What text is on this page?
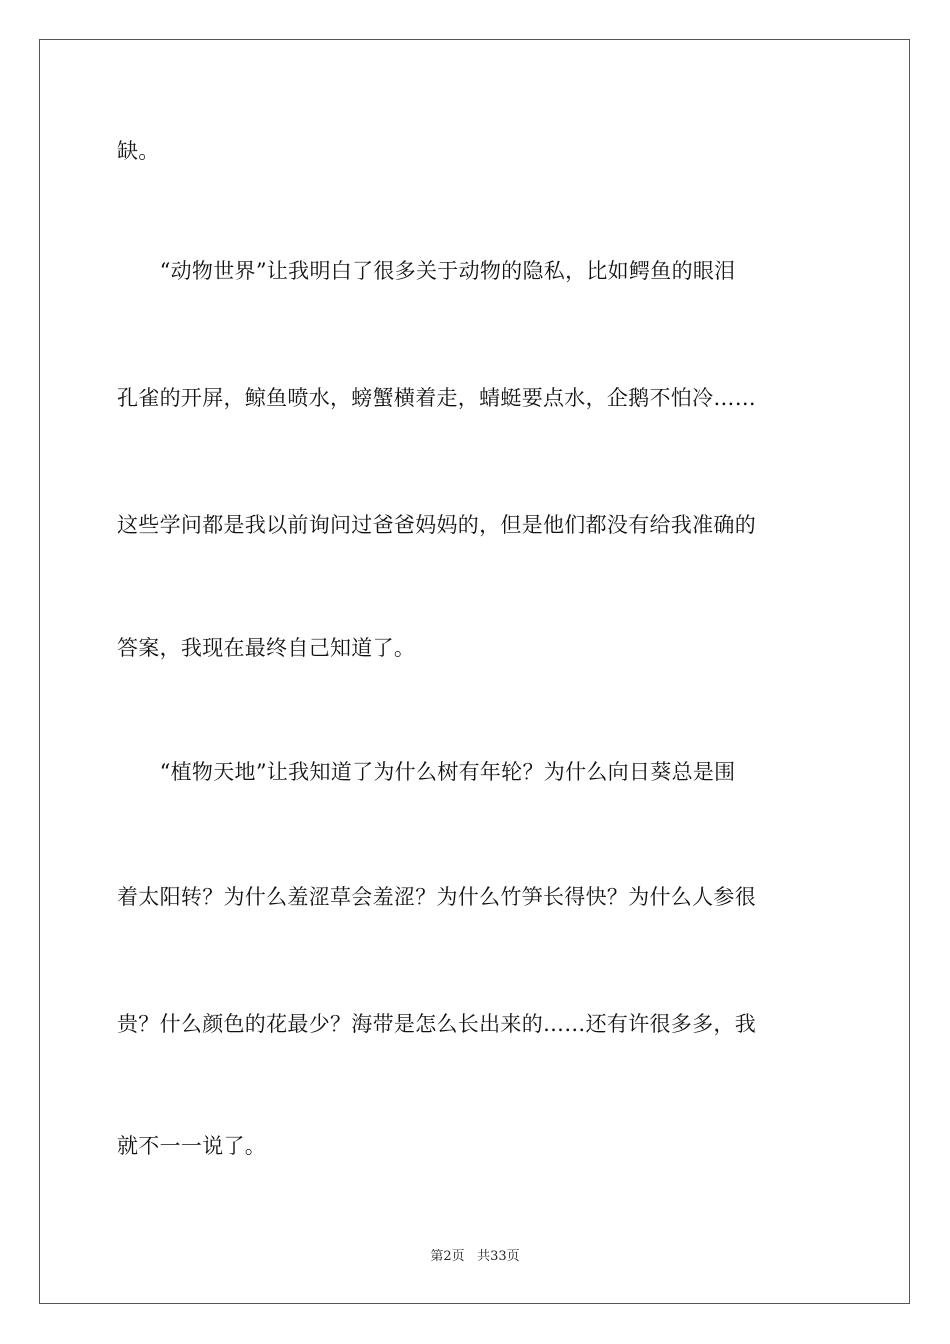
缺。
　　“动物世界”让我明白了很多关于动物的隐私，比如鳄鱼的眼泪
孔雀的开屏，鲸鱼喷水，螃蟹横着走，蜻蜓要点水，企鹅不怕冷……
这些学问都是我以前询问过爸爸妈妈的，但是他们都没有给我准确的
答案，我现在最终自己知道了。
　　“植物天地”让我知道了为什么树有年轮？为什么向日葵总是围
着太阳转？为什么羞涩草会羞涩？为什么竹笋长得快？为什么人参很
贵？什么颜色的花最少？海带是怎么长出来的……还有许很多多，我
就不一一说了。
第2页 共33页
